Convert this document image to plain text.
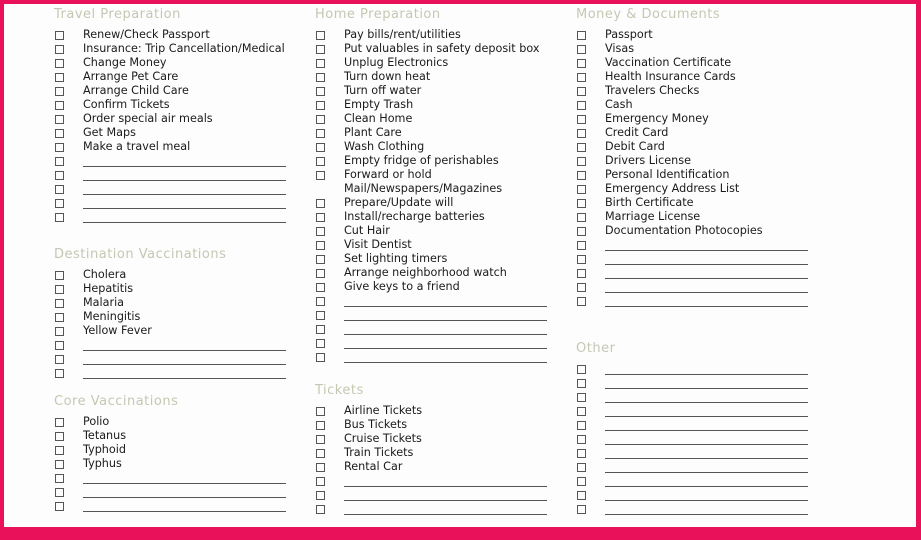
Travel Preparation
Renew/Check Passport
Insurance: Trip Cancellation/Medical
Change Money
Arrange Pet Care
Arrange Child Care
Confirm Tickets
Order special air meals
Get Maps
Make a travel meal
Destination Vaccinations
Cholera
Hepatitis
Malaria
Meningitis
Yellow Fever
Core Vaccinations
Polio
Tetanus
Typhoid
Typhus
Home Preparation
Pay bills/rent/utilities
Put valuables in safety deposit box
Unplug Electronics
Turn down heat
Turn off water
Empty Trash
Clean Home
Plant Care
Wash Clothing
Empty fridge of perishables
Forward or hold Mail/Newspapers/Magazines
Prepare/Update will
Install/recharge batteries
Cut Hair
Visit Dentist
Set lighting timers
Arrange neighborhood watch
Give keys to a friend
Tickets
Airline Tickets
Bus Tickets
Cruise Tickets
Train Tickets
Rental Car
Money & Documents
Passport
Visas
Vaccination Certificate
Health Insurance Cards
Travelers Checks
Cash
Emergency Money
Credit Card
Debit Card
Drivers License
Personal Identification
Emergency Address List
Birth Certificate
Marriage License
Documentation Photocopies
Other
